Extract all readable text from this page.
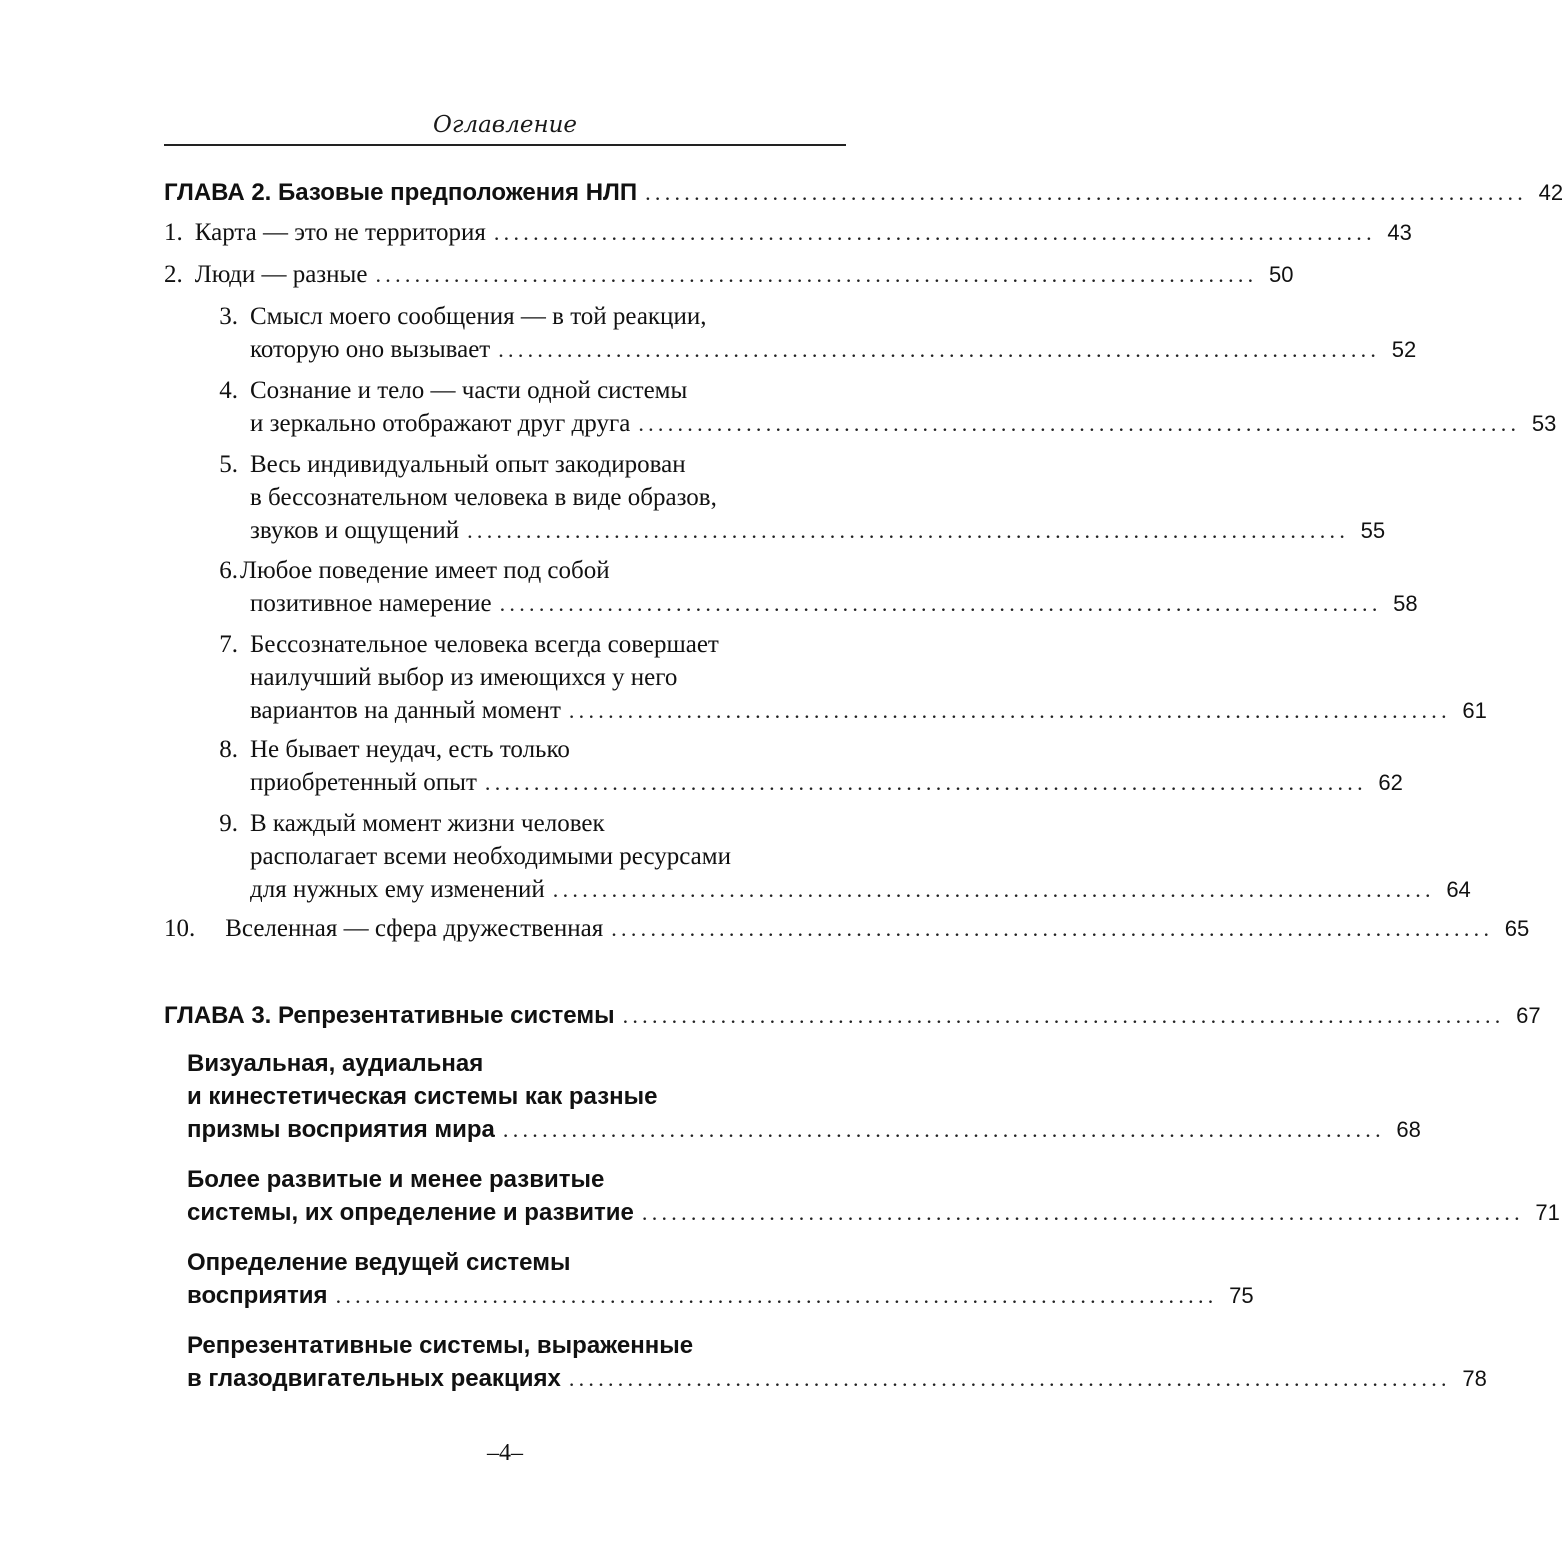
Оглавление
ГЛАВА 2. Базовые предположения НЛП .......................................................................................... 42
1. Карта — это не территория .......................................................................................... 43
2. Люди — разные .......................................................................................... 50
3. Смысл моего сообщения — в той реакции,
которую оно вызывает .......................................................................................... 52
4. Сознание и тело — части одной системы
и зеркально отображают друг друга .......................................................................................... 53
5. Весь индивидуальный опыт закодирован
в бессознательном человека в виде образов,
звуков и ощущений .......................................................................................... 55
6. Любое поведение имеет под собой
позитивное намерение .......................................................................................... 58
7. Бессознательное человека всегда совершает
наилучший выбор из имеющихся у него
вариантов на данный момент .......................................................................................... 61
8. Не бывает неудач, есть только
приобретенный опыт .......................................................................................... 62
9. В каждый момент жизни человек
располагает всеми необходимыми ресурсами
для нужных ему изменений .......................................................................................... 64
10.	Вселенная — сфера дружественная .......................................................................................... 65
ГЛАВА 3. Репрезентативные системы .......................................................................................... 67
Визуальная, аудиальная
и кинестетическая системы как разные
призмы восприятия мира .......................................................................................... 68
Более развитые и менее развитые
системы, их определение и развитие .......................................................................................... 71
Определение ведущей системы
восприятия .......................................................................................... 75
Репрезентативные системы, выраженные
в глазодвигательных реакциях .......................................................................................... 78
–4–
